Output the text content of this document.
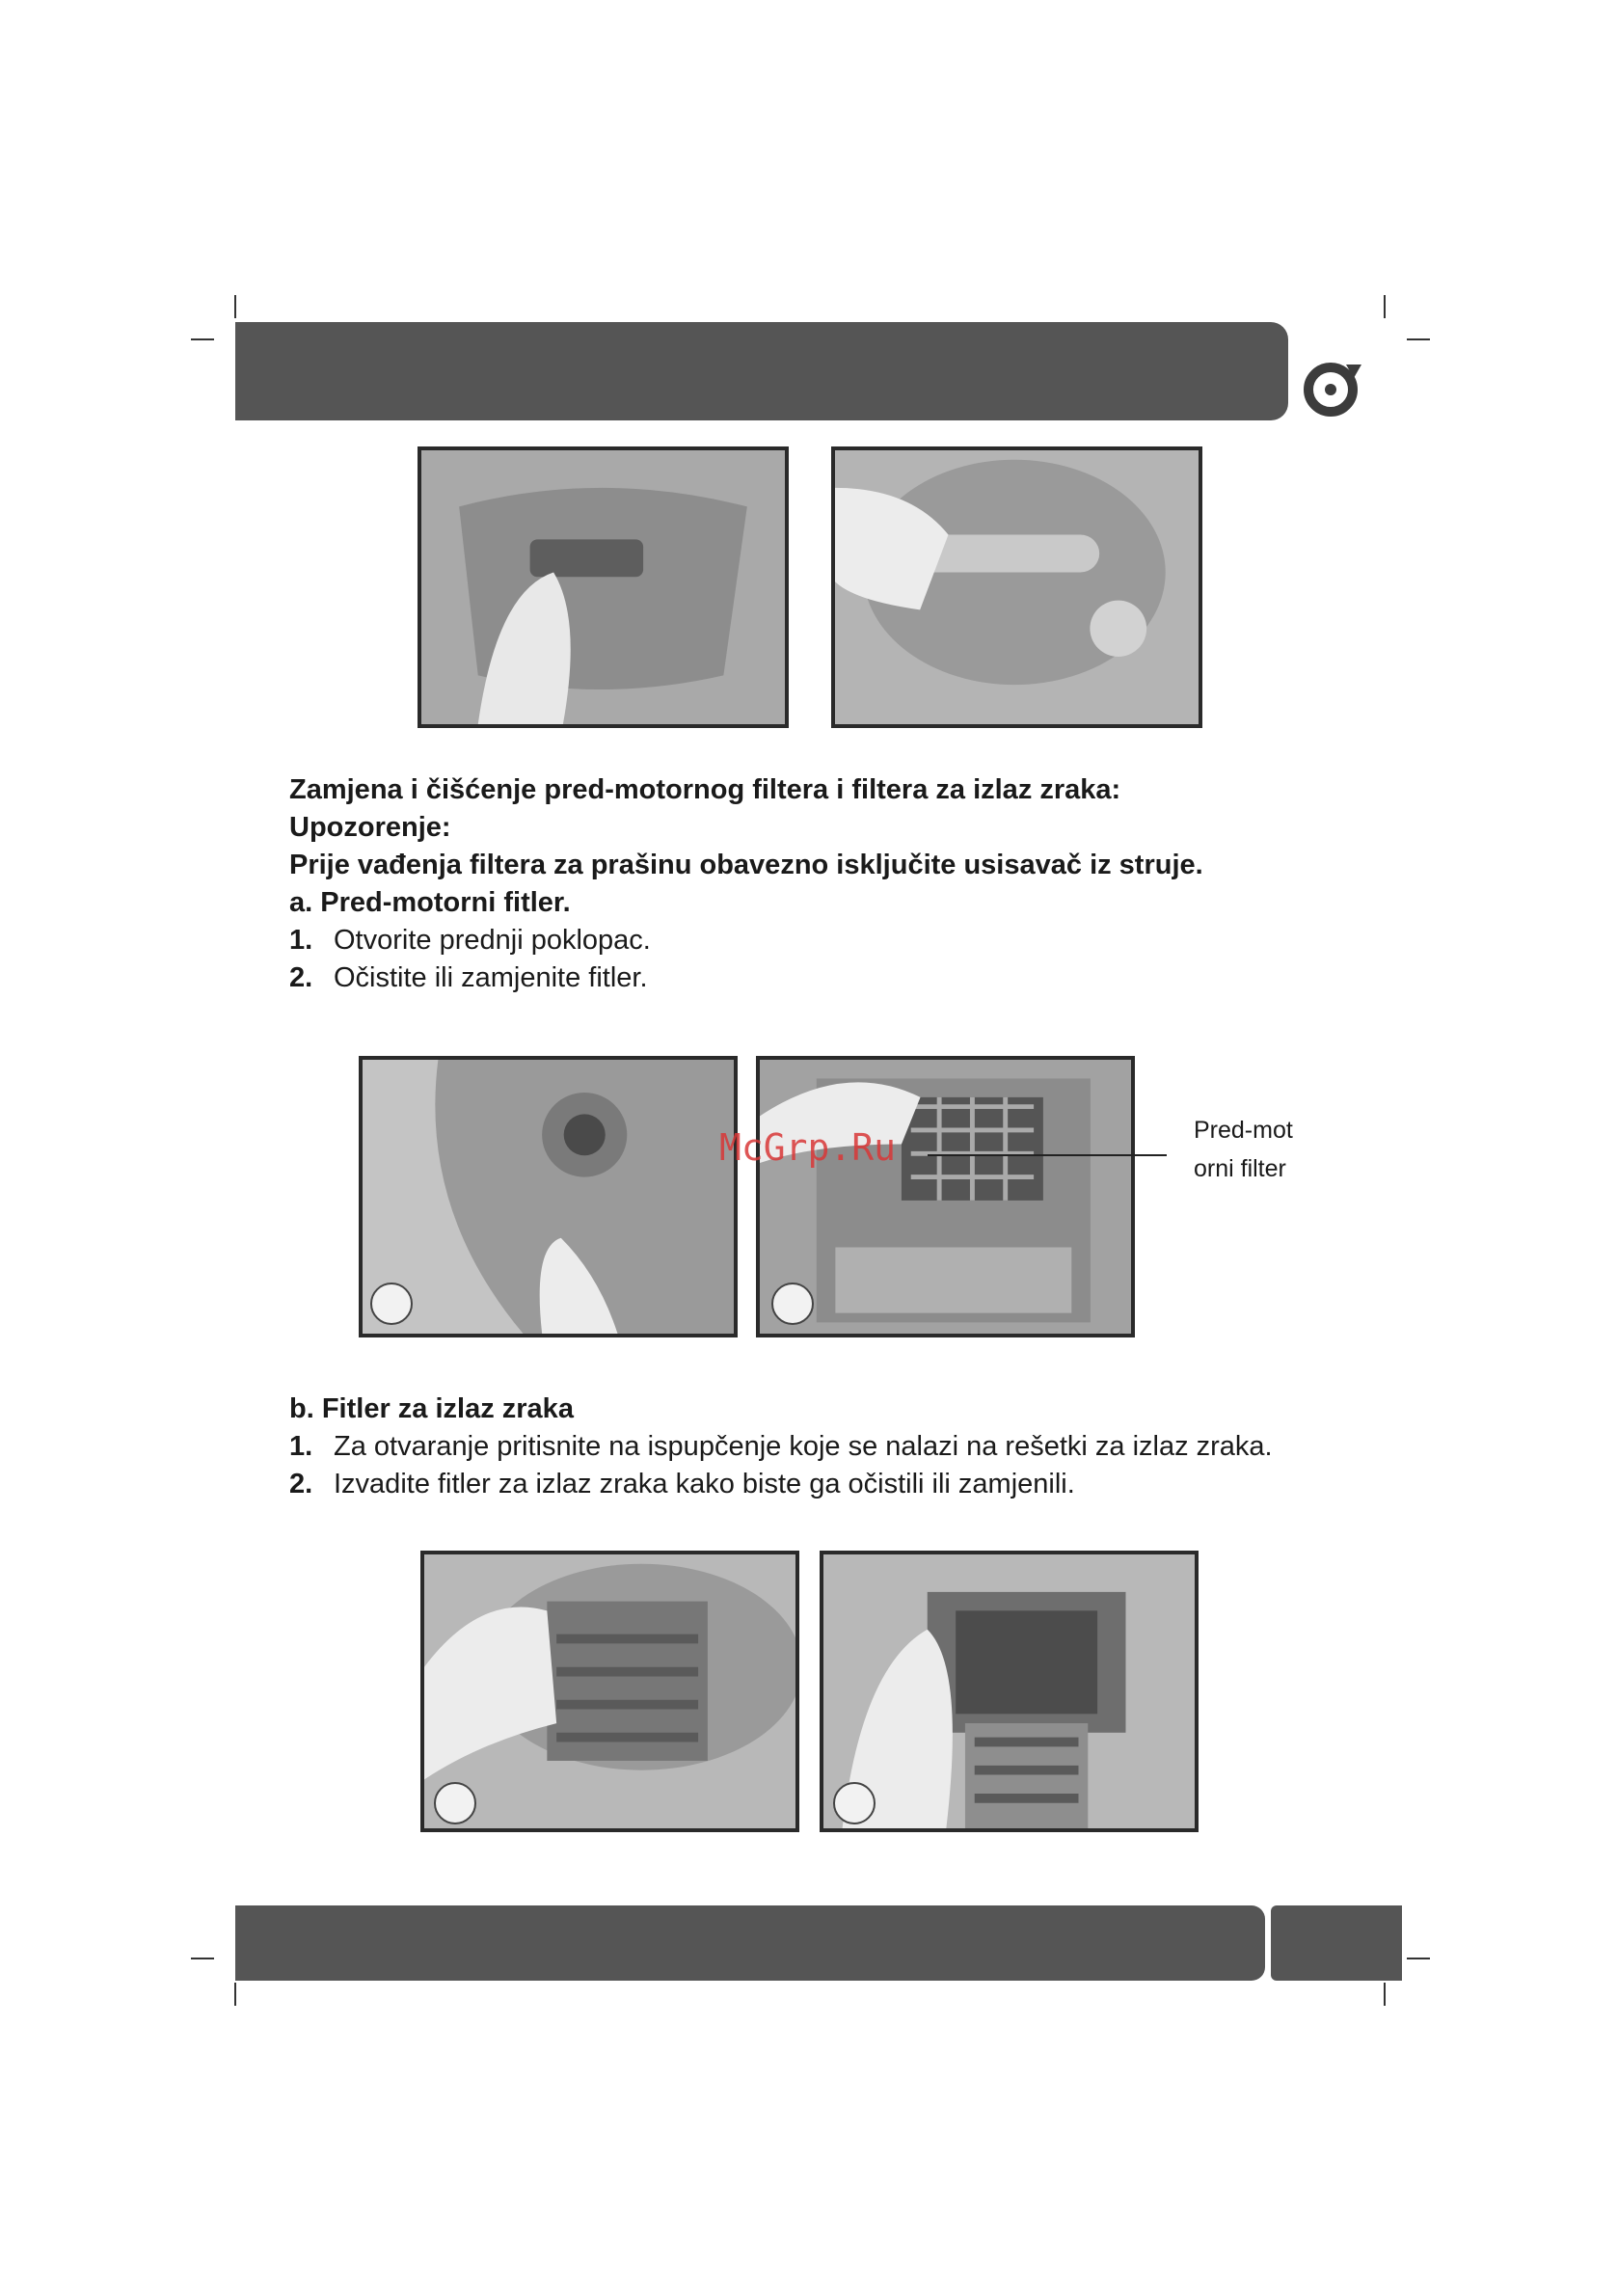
Zamjena i čišćenje pred-motornog filtera i filtera za izlaz zraka:
Upozorenje:
Prije vađenja filtera za prašinu obavezno isključite usisavač iz struje.
a. Pred-motorni fitler.
1. Otvorite prednji poklopac.
2. Očistite ili zamjenite fitler.
McGrp.Ru	Pred-mot
orni filter
b. Fitler za izlaz zraka
1. Za otvaranje pritisnite na ispupčenje koje se nalazi na rešetki za izlaz zraka.
2. Izvadite fitler za izlaz zraka kako biste ga očistili ili zamjenili.
